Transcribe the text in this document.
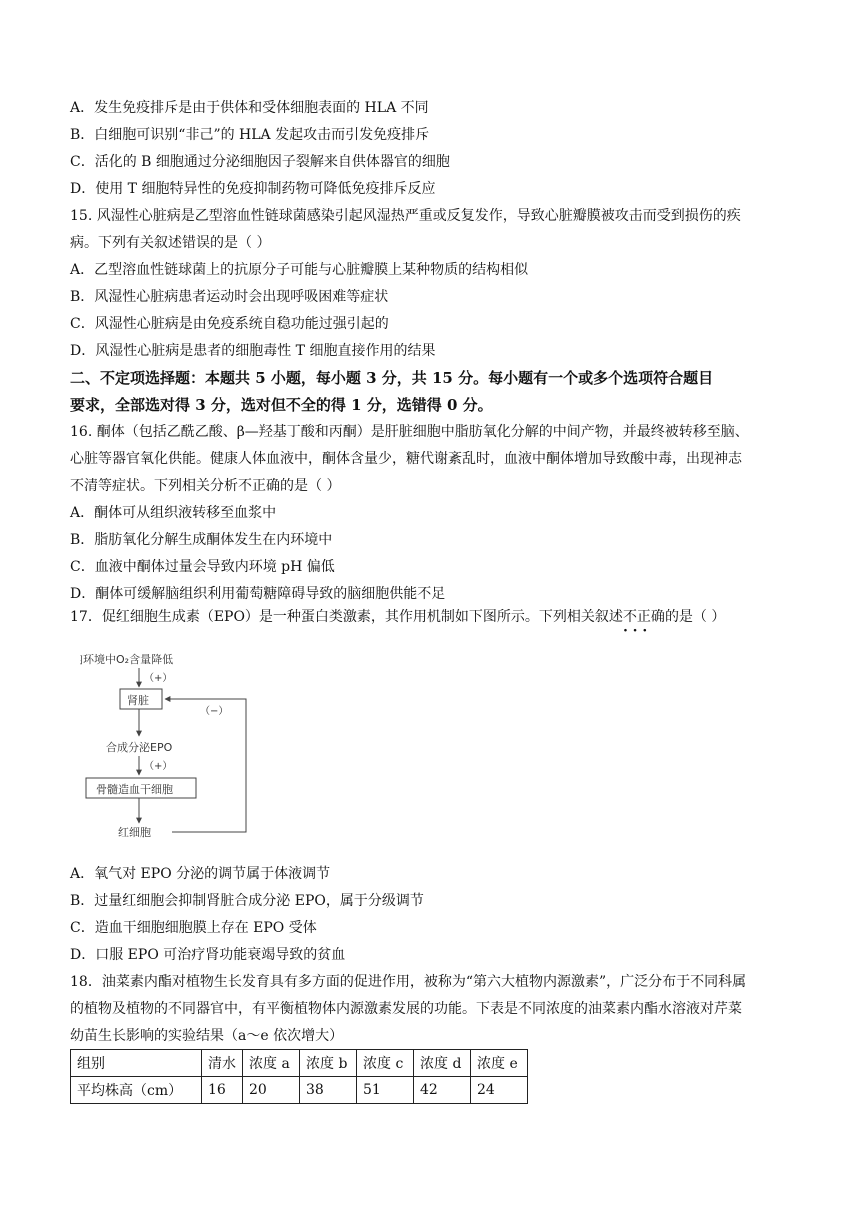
A．发生免疫排斥是由于供体和受体细胞表面的 HLA 不同
B．白细胞可识别“非己”的 HLA 发起攻击而引发免疫排斥
C．活化的 B 细胞通过分泌细胞因子裂解来自供体器官的细胞
D．使用 T 细胞特异性的免疫抑制药物可降低免疫排斥反应
15. 风湿性心脏病是乙型溶血性链球菌感染引起风湿热严重或反复发作，导致心脏瓣膜被攻击而受到损伤的疾
病。下列有关叙述错误的是（ ）
A．乙型溶血性链球菌上的抗原分子可能与心脏瓣膜上某种物质的结构相似
B．风湿性心脏病患者运动时会出现呼吸困难等症状
C．风湿性心脏病是由免疫系统自稳功能过强引起的
D．风湿性心脏病是患者的细胞毒性 T 细胞直接作用的结果
二、不定项选择题：本题共 5 小题，每小题 3 分，共 15 分。每小题有一个或多个选项符合题目
要求，全部选对得 3 分，选对但不全的得 1 分，选错得 0 分。
16. 酮体（包括乙酰乙酸、β—羟基丁酸和丙酮）是肝脏细胞中脂肪氧化分解的中间产物，并最终被转移至脑、
心脏等器官氧化供能。健康人体血液中，酮体含量少，糖代谢紊乱时，血液中酮体增加导致酸中毒，出现神志
不清等症状。下列相关分析不正确的是（ ）
A．酮体可从组织液转移至血浆中
B．脂肪氧化分解生成酮体发生在内环境中
C．血液中酮体过量会导致内环境 pH 偏低
D．酮体可缓解脑组织利用葡萄糖障碍导致的脑细胞供能不足
17．促红细胞生成素（EPO）是一种蛋白类激素，其作用机制如下图所示。下列相关叙述不正确 · · ·的是（ ）
内环境中O₂含量降低
（+）
肾脏
（−）
合成分泌EPO
（+）
骨髓造血干细胞
红细胞
A．氧气对 EPO 分泌的调节属于体液调节
B．过量红细胞会抑制肾脏合成分泌 EPO，属于分级调节
C．造血干细胞细胞膜上存在 EPO 受体
D．口服 EPO 可治疗肾功能衰竭导致的贫血
18．油菜素内酯对植物生长发育具有多方面的促进作用，被称为“第六大植物内源激素”，广泛分布于不同科属
的植物及植物的不同器官中，有平衡植物体内源激素发展的功能。下表是不同浓度的油菜素内酯水溶液对芹菜
幼苗生长影响的实验结果（a～e 依次增大）
组别	清水	浓度 a	浓度 b	浓度 c	浓度 d	浓度 e
平均株高（cm）	16	20	38	51	42	24
